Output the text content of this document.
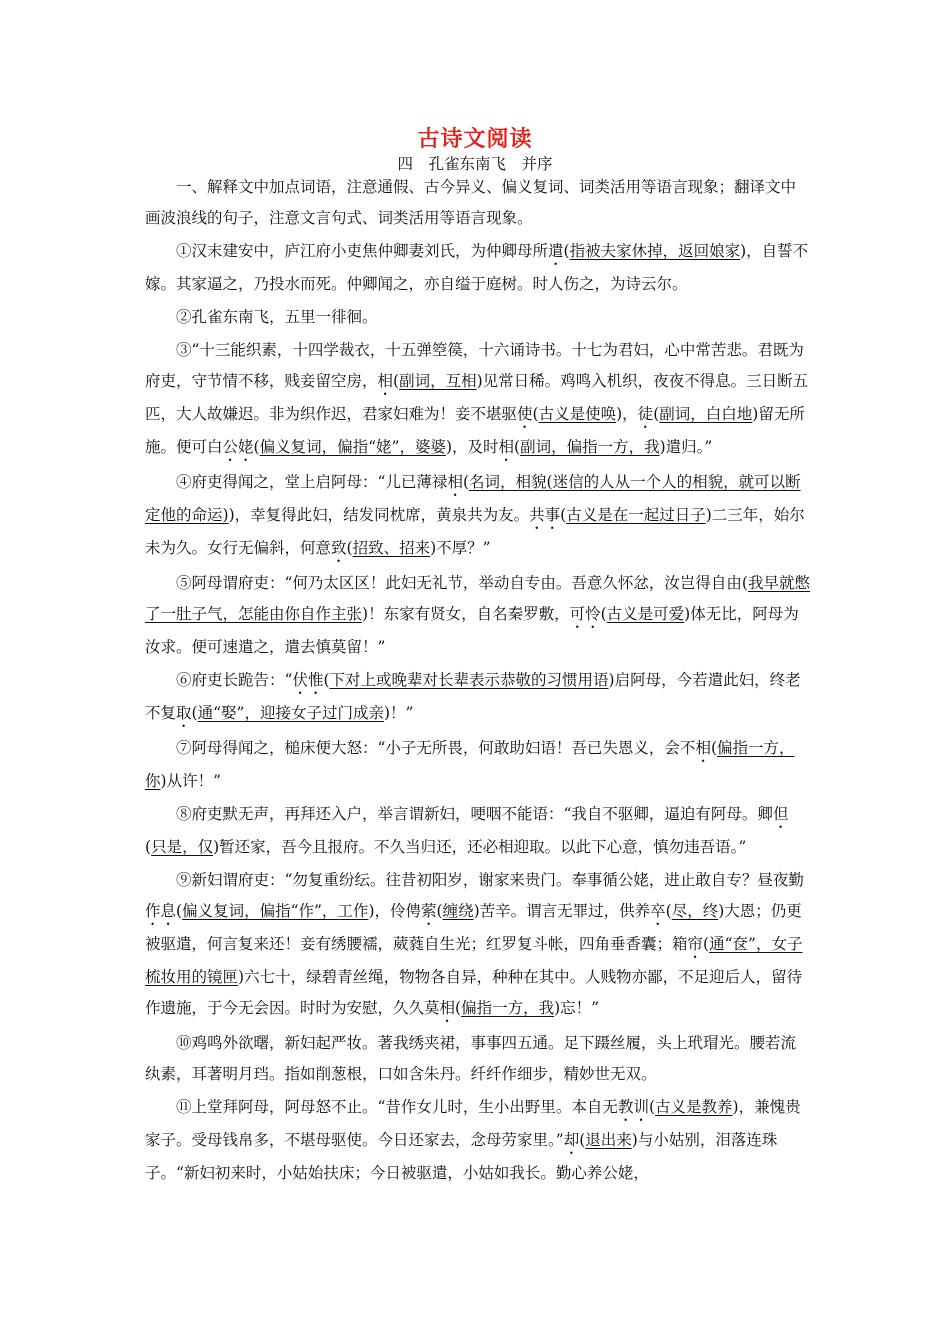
古诗文阅读
四　孔雀东南飞　并序

一、解释文中加点词语，注意通假、古今异义、偏义复词、词类活用等语言现象；翻译文中画波浪线的句子，注意文言句式、词类活用等语言现象。

①汉末建安中，庐江府小吏焦仲卿妻刘氏，为仲卿母所遣(指被夫家休掉，返回娘家)，自誓不嫁。其家逼之，乃投水而死。仲卿闻之，亦自缢于庭树。时人伤之，为诗云尔。

②孔雀东南飞，五里一徘徊。

③“十三能织素，十四学裁衣，十五弹箜篌，十六诵诗书。十七为君妇，心中常苦悲。君既为府吏，守节情不移，贱妾留空房，相(副词，互相)见常日稀。鸡鸣入机织，夜夜不得息。三日断五匹，大人故嫌迟。非为织作迟，君家妇难为！妾不堪驱使(古义是使唤)，徒(副词，白白地)留无所施。便可白公姥(偏义复词，偏指“姥”，婆婆)，及时相(副词，偏指一方，我)遣归。”

④府吏得闻之，堂上启阿母：“儿已薄禄相(名词，相貌(迷信的人从一个人的相貌，就可以断定他的命运))，幸复得此妇，结发同枕席，黄泉共为友。共事(古义是在一起过日子)二三年，始尔未为久。女行无偏斜，何意致(招致、招来)不厚？”

⑤阿母谓府吏：“何乃太区区！此妇无礼节，举动自专由。吾意久怀忿，汝岂得自由(我早就憋了一肚子气，怎能由你自作主张)！东家有贤女，自名秦罗敷，可怜(古义是可爱)体无比，阿母为汝求。便可速遣之，遣去慎莫留！”

⑥府吏长跪告：“伏惟(下对上或晚辈对长辈表示恭敬的习惯用语)启阿母，今若遣此妇，终老不复取(通“娶”，迎接女子过门成亲)！”

⑦阿母得闻之，槌床便大怒：“小子无所畏，何敢助妇语！吾已失恩义，会不相(偏指一方，你)从许！”

⑧府吏默无声，再拜还入户，举言谓新妇，哽咽不能语：“我自不驱卿，逼迫有阿母。卿但(只是，仅)暂还家，吾今且报府。不久当归还，还必相迎取。以此下心意，慎勿违吾语。”

⑨新妇谓府吏：“勿复重纷纭。往昔初阳岁，谢家来贵门。奉事循公姥，进止敢自专？昼夜勤作息(偏义复词，偏指“作”，工作)，伶俜萦(缠绕)苦辛。谓言无罪过，供养卒(尽，终)大恩；仍更被驱遣，何言复来还！妾有绣腰襦，葳蕤自生光；红罗复斗帐，四角垂香囊；箱帘(通“奁”，女子梳妆用的镜匣)六七十，绿碧青丝绳，物物各自异，种种在其中。人贱物亦鄙，不足迎后人，留待作遗施，于今无会因。时时为安慰，久久莫相(偏指一方，我)忘！”

⑩鸡鸣外欲曙，新妇起严妆。著我绣夹裙，事事四五通。足下蹑丝履，头上玳瑁光。腰若流纨素，耳著明月珰。指如削葱根，口如含朱丹。纤纤作细步，精妙世无双。

⑪上堂拜阿母，阿母怒不止。“昔作女儿时，生小出野里。本自无教训(古义是教养)，兼愧贵家子。受母钱帛多，不堪母驱使。今日还家去，念母劳家里。”却(退出来)与小姑别，泪落连珠子。“新妇初来时，小姑始扶床；今日被驱遣，小姑如我长。勤心养公姥，
